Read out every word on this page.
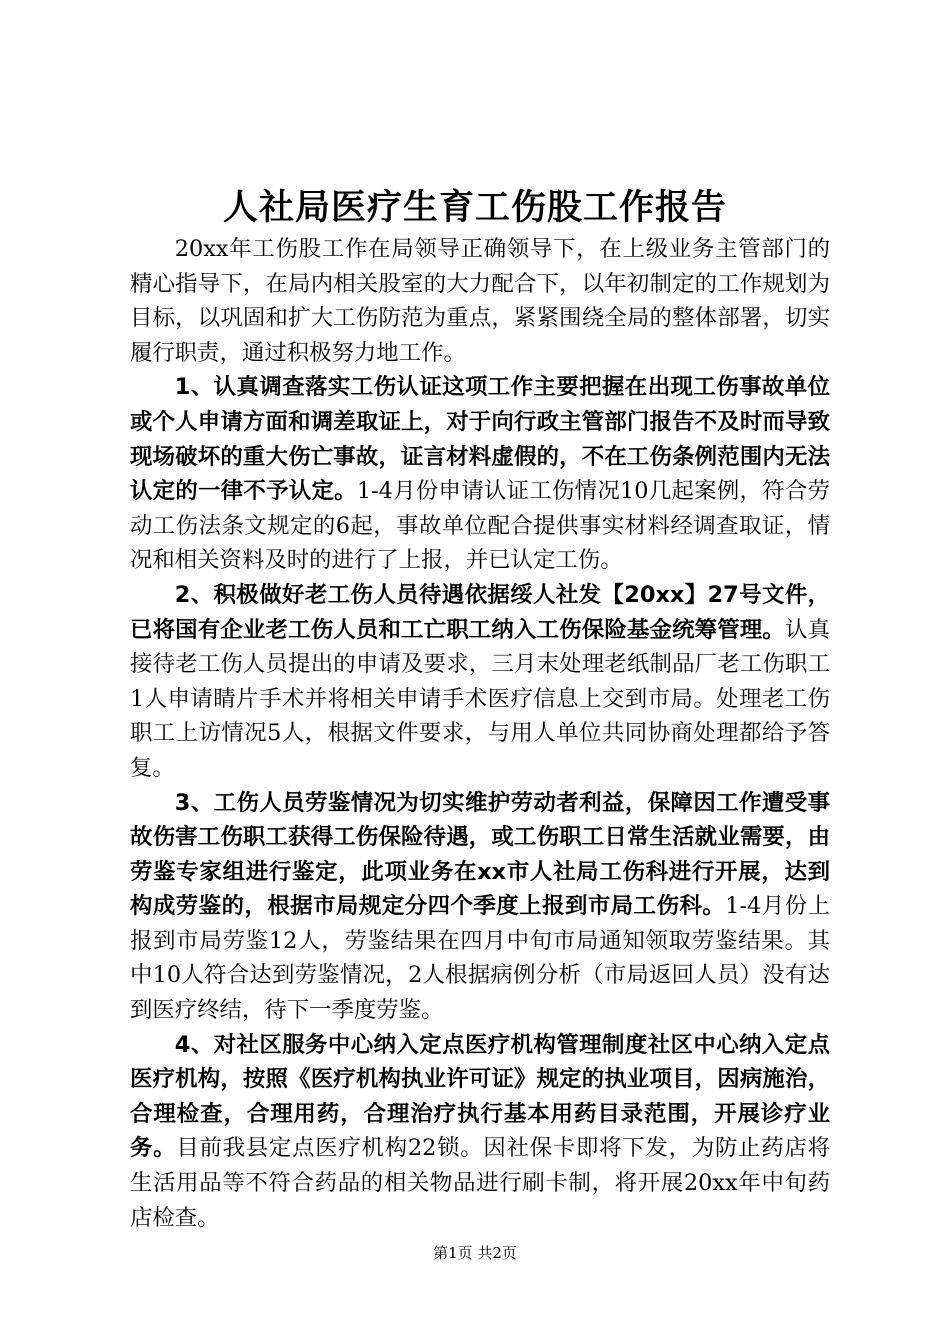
人社局医疗生育工伤股工作报告

20xx年工伤股工作在局领导正确领导下，在上级业务主管部门的精心指导下，在局内相关股室的大力配合下，以年初制定的工作规划为目标，以巩固和扩大工伤防范为重点，紧紧围绕全局的整体部署，切实履行职责，通过积极努力地工作。

1、认真调查落实工伤认证这项工作主要把握在出现工伤事故单位或个人申请方面和调差取证上，对于向行政主管部门报告不及时而导致现场破坏的重大伤亡事故，证言材料虚假的，不在工伤条例范围内无法认定的一律不予认定。1-4月份申请认证工伤情况10几起案例，符合劳动工伤法条文规定的6起，事故单位配合提供事实材料经调查取证，情况和相关资料及时的进行了上报，并已认定工伤。

2、积极做好老工伤人员待遇依据绥人社发【20xx】27号文件，已将国有企业老工伤人员和工亡职工纳入工伤保险基金统筹管理。认真接待老工伤人员提出的申请及要求，三月末处理老纸制品厂老工伤职工1人申请睛片手术并将相关申请手术医疗信息上交到市局。处理老工伤职工上访情况5人，根据文件要求，与用人单位共同协商处理都给予答复。

3、工伤人员劳鉴情况为切实维护劳动者利益，保障因工作遭受事故伤害工伤职工获得工伤保险待遇，或工伤职工日常生活就业需要，由劳鉴专家组进行鉴定，此项业务在xx市人社局工伤科进行开展，达到构成劳鉴的，根据市局规定分四个季度上报到市局工伤科。1-4月份上报到市局劳鉴12人，劳鉴结果在四月中旬市局通知领取劳鉴结果。其中10人符合达到劳鉴情况，2人根据病例分析（市局返回人员）没有达到医疗终结，待下一季度劳鉴。

4、对社区服务中心纳入定点医疗机构管理制度社区中心纳入定点医疗机构，按照《医疗机构执业许可证》规定的执业项目，因病施治，合理检查，合理用药，合理治疗执行基本用药目录范围，开展诊疗业务。目前我县定点医疗机构22锁。因社保卡即将下发，为防止药店将生活用品等不符合药品的相关物品进行刷卡制，将开展20xx年中旬药店检查。

第1页 共2页
